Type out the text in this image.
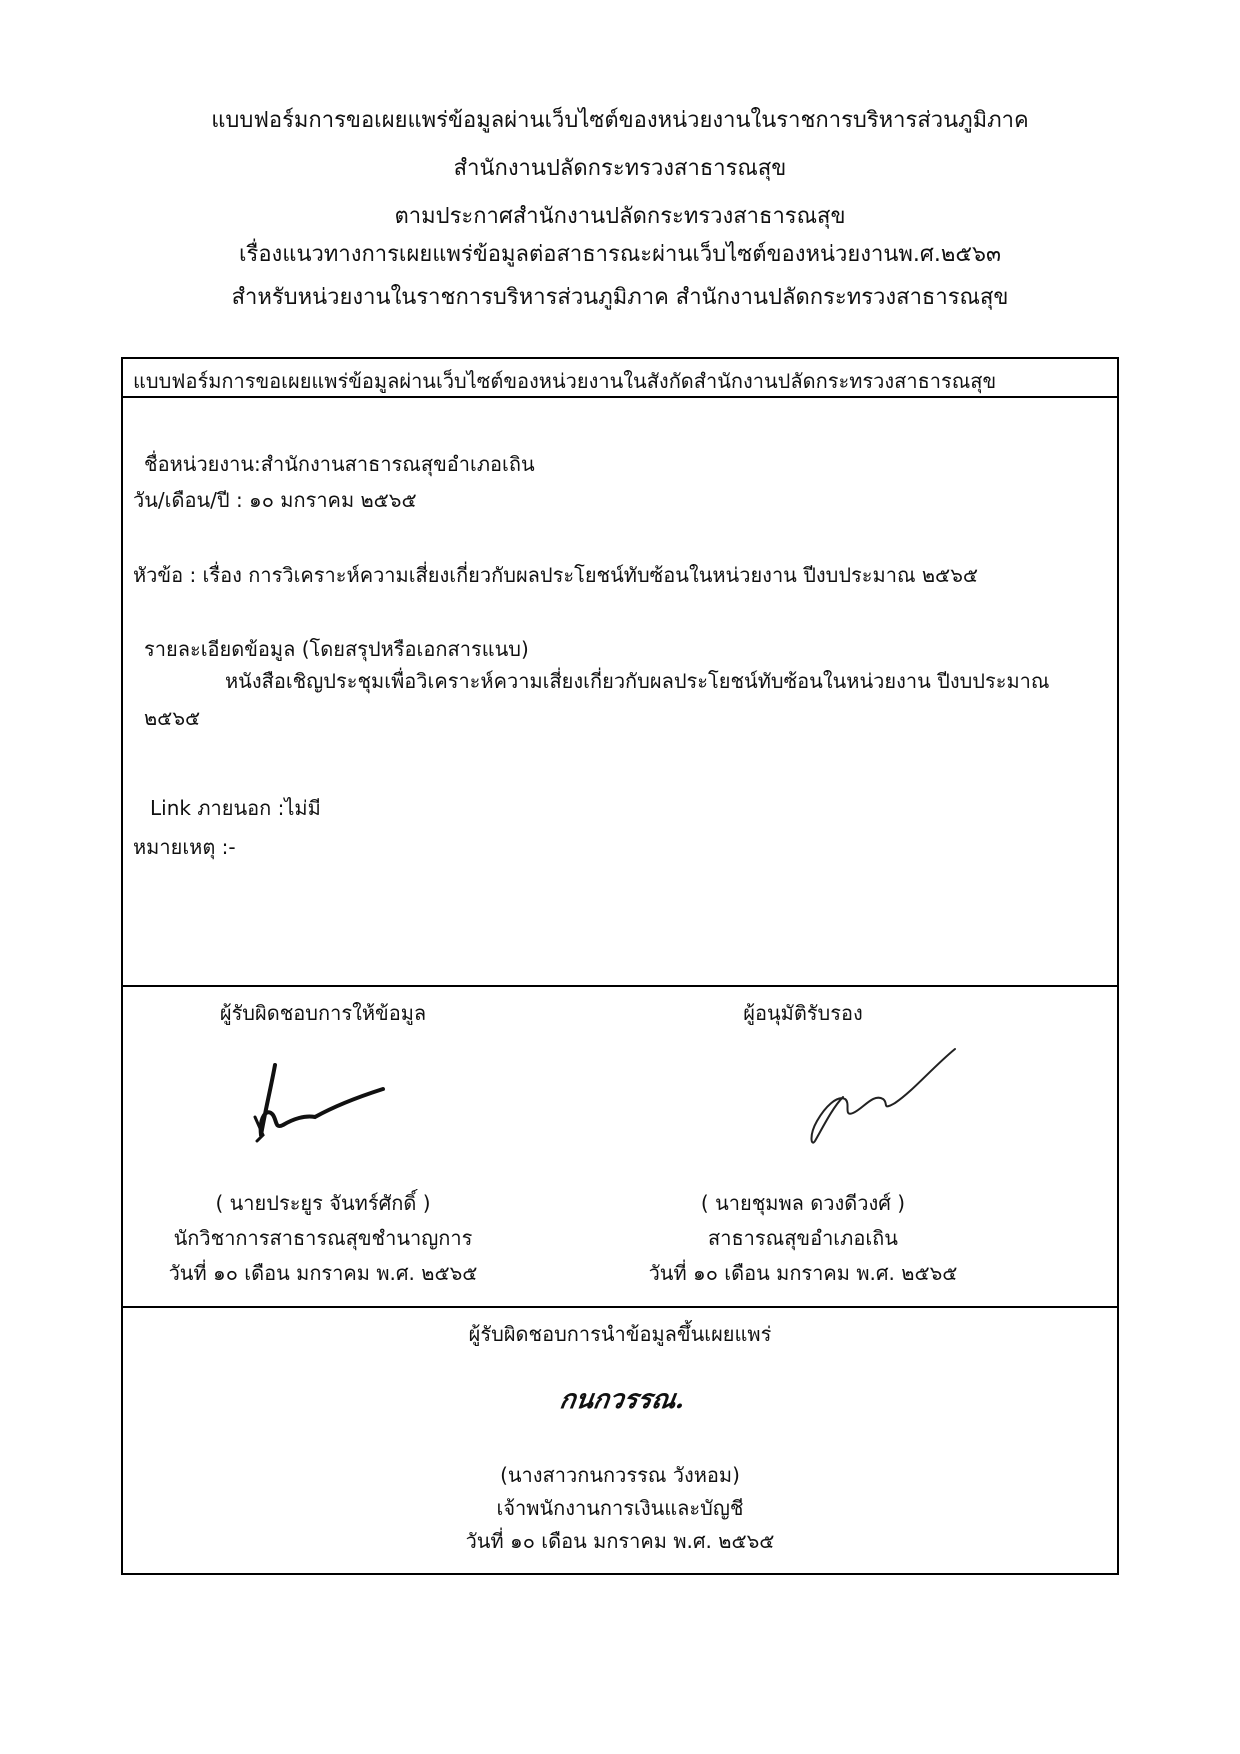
แบบฟอร์มการขอเผยแพร่ข้อมูลผ่านเว็บไซต์ของหน่วยงานในราชการบริหารส่วนภูมิภาค
สำนักงานปลัดกระทรวงสาธารณสุข
ตามประกาศสำนักงานปลัดกระทรวงสาธารณสุข
เรื่องแนวทางการเผยแพร่ข้อมูลต่อสาธารณะผ่านเว็บไซต์ของหน่วยงานพ.ศ.๒๕๖๓
สำหรับหน่วยงานในราชการบริหารส่วนภูมิภาค สำนักงานปลัดกระทรวงสาธารณสุข
แบบฟอร์มการขอเผยแพร่ข้อมูลผ่านเว็บไซต์ของหน่วยงานในสังกัดสำนักงานปลัดกระทรวงสาธารณสุข
ชื่อหน่วยงาน:สำนักงานสาธารณสุขอำเภอเถิน
วัน/เดือน/ปี : ๑๐ มกราคม ๒๕๖๕
หัวข้อ : เรื่อง การวิเคราะห์ความเสี่ยงเกี่ยวกับผลประโยชน์ทับซ้อนในหน่วยงาน ปีงบประมาณ ๒๕๖๕
รายละเอียดข้อมูล (โดยสรุปหรือเอกสารแนบ)
หนังสือเชิญประชุมเพื่อวิเคราะห์ความเสี่ยงเกี่ยวกับผลประโยชน์ทับซ้อนในหน่วยงาน ปีงบประมาณ
๒๕๖๕
Link ภายนอก :ไม่มี
หมายเหตุ :-
ผู้รับผิดชอบการให้ข้อมูล
( นายประยูร จันทร์ศักดิ์ )
นักวิชาการสาธารณสุขชำนาญการ
วันที่ ๑๐ เดือน มกราคม พ.ศ. ๒๕๖๕
ผู้อนุมัติรับรอง
( นายชุมพล ดวงดีวงศ์ )
สาธารณสุขอำเภอเถิน
วันที่ ๑๐ เดือน มกราคม พ.ศ. ๒๕๖๕
ผู้รับผิดชอบการนำข้อมูลขึ้นเผยแพร่
กนกวรรณ.
(นางสาวกนกวรรณ วังหอม)
เจ้าพนักงานการเงินและบัญชี
วันที่ ๑๐ เดือน มกราคม พ.ศ. ๒๕๖๕
